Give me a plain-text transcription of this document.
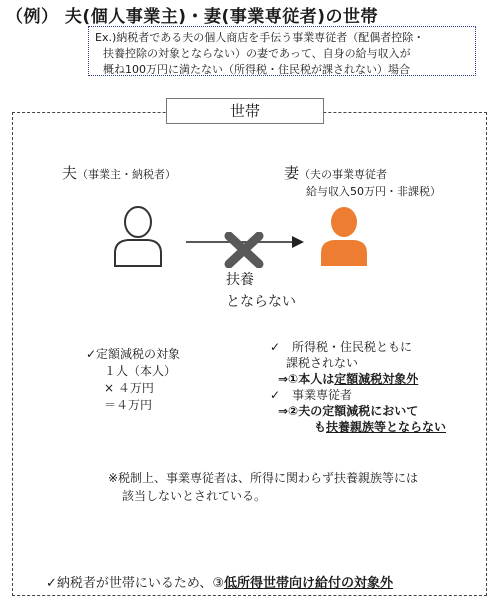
（例） 夫(個人事業主)・妻(事業専従者)の世帯
Ex.)納税者である夫の個人商店を手伝う事業専従者（配偶者控除・
扶養控除の対象とならない）の妻であって、自身の給与収入が
概ね100万円に満たない（所得税・住民税が課されない）場合
世帯
夫（事業主・納税者）	妻（夫の事業専従者
給与収入50万円・非課税）
扶養
とならない
✓定額減税の対象
１人（本人）
× ４万円
＝４万円
✓　所得税・住民税ともに
課税されない
⇒①本人は定額減税対象外
✓　事業専従者
⇒②夫の定額減税において
も扶養親族等とならない
※税制上、事業専従者は、所得に関わらず扶養親族等には
該当しないとされている。
✓納税者が世帯にいるため、③低所得世帯向け給付の対象外
